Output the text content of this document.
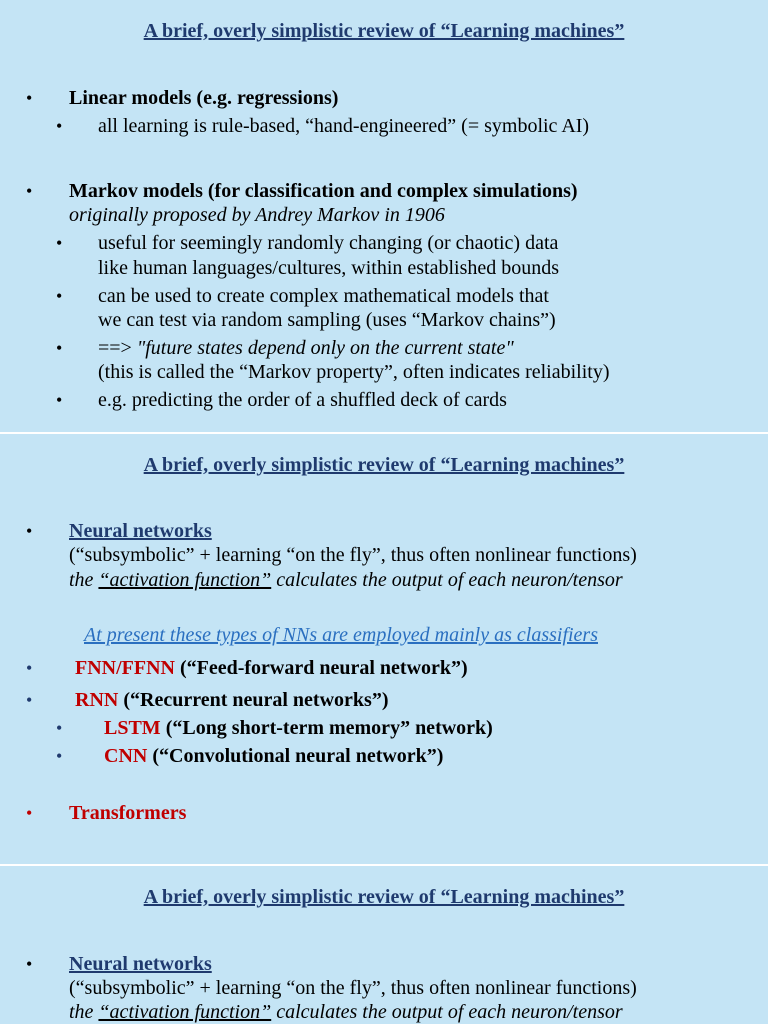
A brief, overly simplistic review of “Learning machines”
• Linear models (e.g. regressions)
• all learning is rule-based, “hand-engineered” (= symbolic AI)
• Markov models (for classification and complex simulations)
originally proposed by Andrey Markov in 1906
• useful for seemingly randomly changing (or chaotic) data
like human languages/cultures, within established bounds
• can be used to create complex mathematical models that
we can test via random sampling (uses “Markov chains”)
• ==> "future states depend only on the current state"
(this is called the “Markov property”, often indicates reliability)
• e.g. predicting the order of a shuffled deck of cards
A brief, overly simplistic review of “Learning machines”
• Neural networks
(“subsymbolic” + learning “on the fly”, thus often nonlinear functions)
the “activation function” calculates the output of each neuron/tensor
At present these types of NNs are employed mainly as classifiers
• FNN/FFNN (“Feed-forward neural network”)
• RNN (“Recurrent neural networks”)
• LSTM (“Long short-term memory” network)
• CNN (“Convolutional neural network”)
• Transformers
A brief, overly simplistic review of “Learning machines”
• Neural networks
(“subsymbolic” + learning “on the fly”, thus often nonlinear functions)
the “activation function” calculates the output of each neuron/tensor
